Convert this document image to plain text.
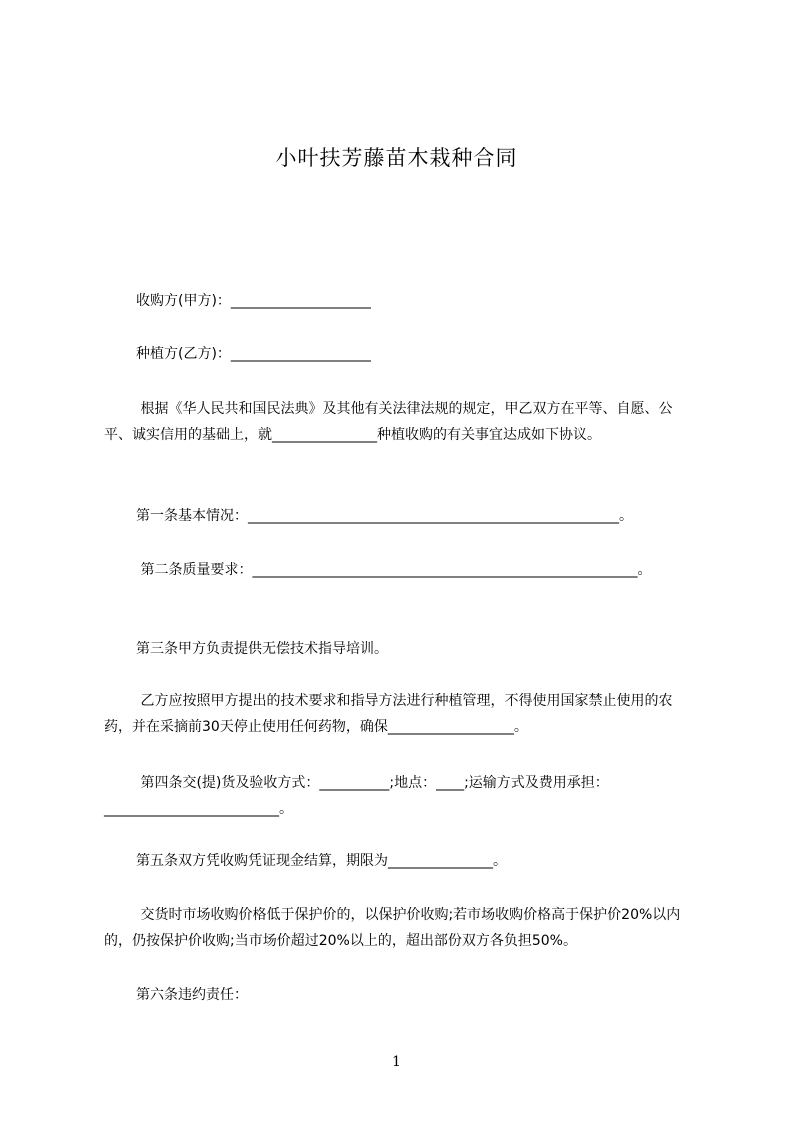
小叶扶芳藤苗木栽种合同
收购方(甲方)：____________________
种植方(乙方)：____________________
根据《华人民共和国民法典》及其他有关法律法规的规定，甲乙双方在平等、自愿、公平、诚实信用的基础上，就_______________种植收购的有关事宜达成如下协议。
第一条基本情况：_____________________________________________________。
第二条质量要求：_______________________________________________________。
第三条甲方负责提供无偿技术指导培训。
乙方应按照甲方提出的技术要求和指导方法进行种植管理，不得使用国家禁止使用的农药，并在采摘前30天停止使用任何药物，确保__________________。
第四条交(提)货及验收方式：__________;地点：____;运输方式及费用承担：_________________________。
第五条双方凭收购凭证现金结算，期限为_______________。
交货时市场收购价格低于保护价的，以保护价收购;若市场收购价格高于保护价20%以内的，仍按保护价收购;当市场价超过20%以上的，超出部份双方各负担50%。
第六条违约责任：
1
